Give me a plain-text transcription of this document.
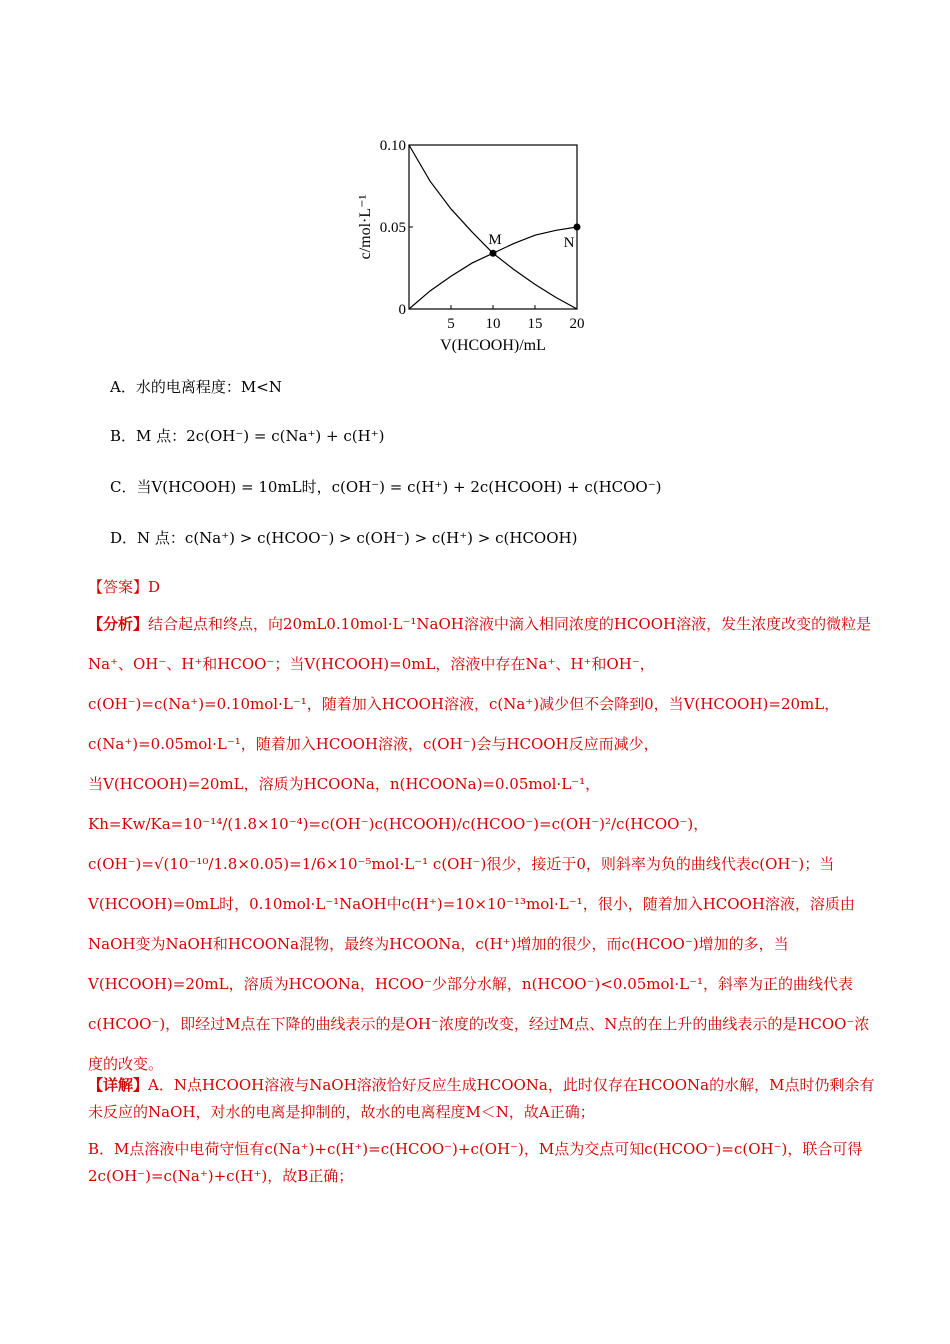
5 10 15 20
0
0.05
0.10
M	N
V(HCOOH)/mL
c/mol·L⁻¹
A．水的电离程度：M<N
B．M 点：2c(OH⁻) = c(Na⁺) + c(H⁺)
C．当V(HCOOH) = 10mL时，c(OH⁻) = c(H⁺) + 2c(HCOOH) + c(HCOO⁻)
D．N 点：c(Na⁺) > c(HCOO⁻) > c(OH⁻) > c(H⁺) > c(HCOOH)
【答案】D

【分析】结合起点和终点，向20mL0.10mol·L⁻¹NaOH溶液中滴入相同浓度的HCOOH溶液，发生浓度改变的微粒是Na⁺、OH⁻、H⁺和HCOO⁻；当V(HCOOH)=0mL，溶液中存在Na⁺、H⁺和OH⁻，c(OH⁻)=c(Na⁺)=0.10mol·L⁻¹，随着加入HCOOH溶液，c(Na⁺)减少但不会降到0，当V(HCOOH)=20mL，c(Na⁺)=0.05mol·L⁻¹，随着加入HCOOH溶液，c(OH⁻)会与HCOOH反应而减少，

当V(HCOOH)=20mL，溶质为HCOONa，n(HCOONa)=0.05mol·L⁻¹，Kh=Kw/Ka=10⁻¹⁴/(1.8×10⁻⁴)=c(OH⁻)c(HCOOH)/c(HCOO⁻)=c(OH⁻)²/c(HCOO⁻)，c(OH⁻)=√(10⁻¹⁰/1.8×0.05)=1/6×10⁻⁵mol·L⁻¹ c(OH⁻)很少，接近于0，则斜率为负的曲线代表c(OH⁻)；当V(HCOOH)=0mL时，0.10mol·L⁻¹NaOH中c(H⁺)=10×10⁻¹³mol·L⁻¹，很小，随着加入HCOOH溶液，溶质由NaOH变为NaOH和HCOONa混物，最终为HCOONa，c(H⁺)增加的很少，而c(HCOO⁻)增加的多，当V(HCOOH)=20mL，溶质为HCOONa，HCOO⁻少部分水解，n(HCOO⁻)<0.05mol·L⁻¹，斜率为正的曲线代表c(HCOO⁻)，即经过M点在下降的曲线表示的是OH⁻浓度的改变，经过M点、N点的在上升的曲线表示的是HCOO⁻浓度的改变。

【详解】A．N点HCOOH溶液与NaOH溶液恰好反应生成HCOONa，此时仅存在HCOONa的水解，M点时仍剩余有未反应的NaOH，对水的电离是抑制的，故水的电离程度M＜N，故A正确；

B．M点溶液中电荷守恒有c(Na⁺)+c(H⁺)=c(HCOO⁻)+c(OH⁻)，M点为交点可知c(HCOO⁻)=c(OH⁻)，联合可得2c(OH⁻)=c(Na⁺)+c(H⁺)，故B正确；
